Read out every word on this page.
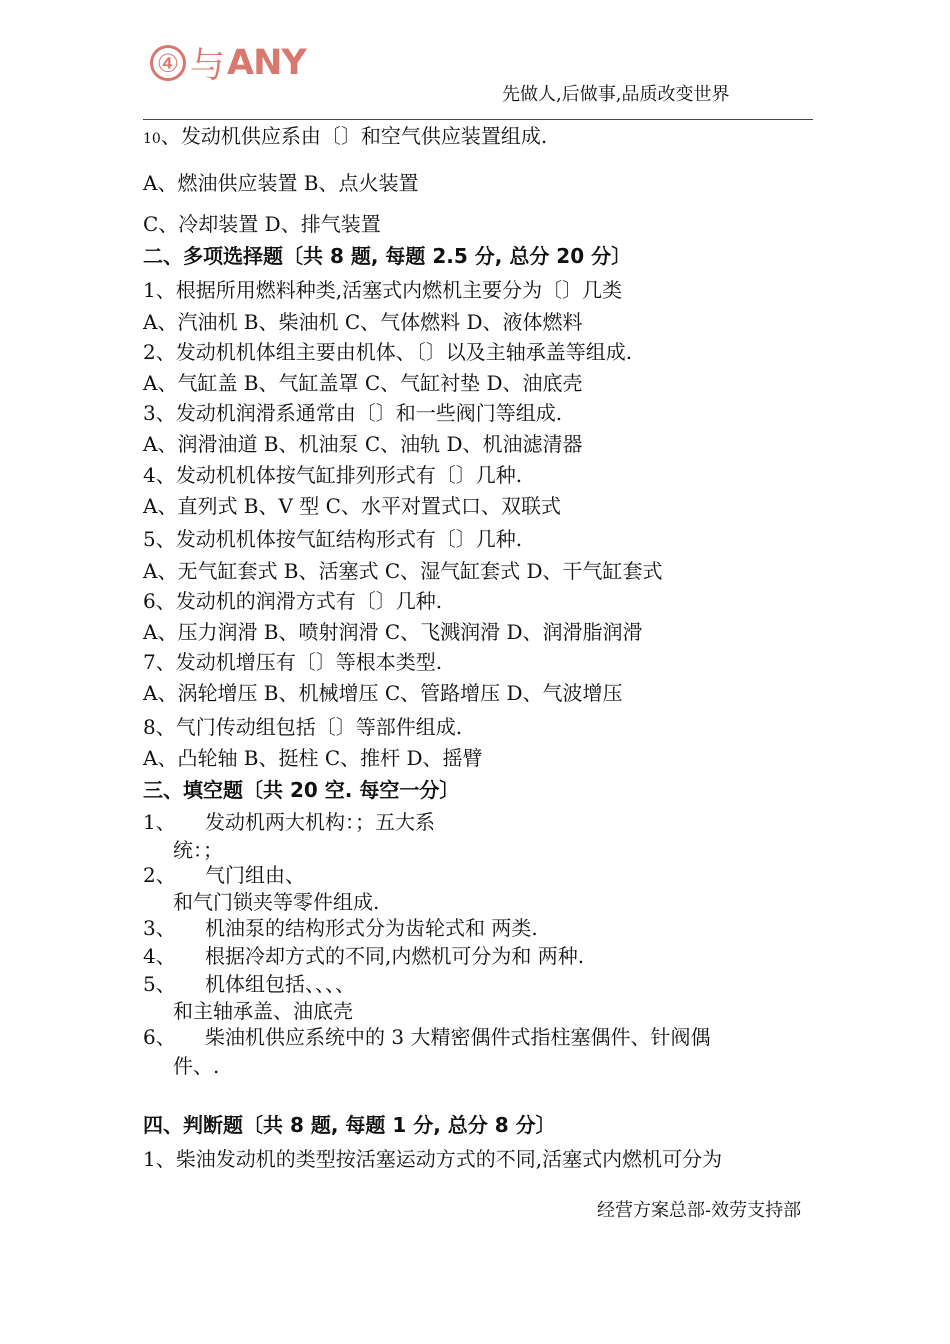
④ 与 ANY
先做人,后做事,品质改变世界
10、发动机供应系由〔〕和空气供应装置组成.
A、燃油供应装置 B、点火装置
C、冷却装置 D、排气装置
二、多项选择题〔共 8 题, 每题 2.5 分, 总分 20 分〕
1、根据所用燃料种类,活塞式内燃机主要分为〔〕几类
A、汽油机 B、柴油机 C、气体燃料 D、液体燃料
2、发动机机体组主要由机体、〔〕以及主轴承盖等组成.
A、气缸盖 B、气缸盖罩 C、气缸衬垫 D、油底壳
3、发动机润滑系通常由〔〕和一些阀门等组成.
A、润滑油道 B、机油泵 C、油轨 D、机油滤清器
4、发动机机体按气缸排列形式有〔〕几种.
A、直列式 B、V 型 C、水平对置式口、双联式
5、发动机机体按气缸结构形式有〔〕几种.
A、无气缸套式 B、活塞式 C、湿气缸套式 D、干气缸套式
6、发动机的润滑方式有〔〕几种.
A、压力润滑 B、喷射润滑 C、飞溅润滑 D、润滑脂润滑
7、发动机增压有〔〕等根本类型.
A、涡轮增压 B、机械增压 C、管路增压 D、气波增压
8、气门传动组包括〔〕等部件组成.
A、凸轮轴 B、挺柱 C、推杆 D、摇臂
三、填空题〔共 20 空. 每空一分〕
1、 发动机两大机构：；五大系
统：；
2、 气门组由、
和气门锁夹等零件组成.
3、 机油泵的结构形式分为齿轮式和 两类.
4、 根据冷却方式的不同,内燃机可分为和 两种.
5、 机体组包括、、、、
和主轴承盖、油底壳
6、 柴油机供应系统中的 3 大精密偶件式指柱塞偶件、针阀偶
件、.
四、判断题〔共 8 题, 每题 1 分, 总分 8 分〕
1、柴油发动机的类型按活塞运动方式的不同,活塞式内燃机可分为
经营方案总部-效劳支持部
